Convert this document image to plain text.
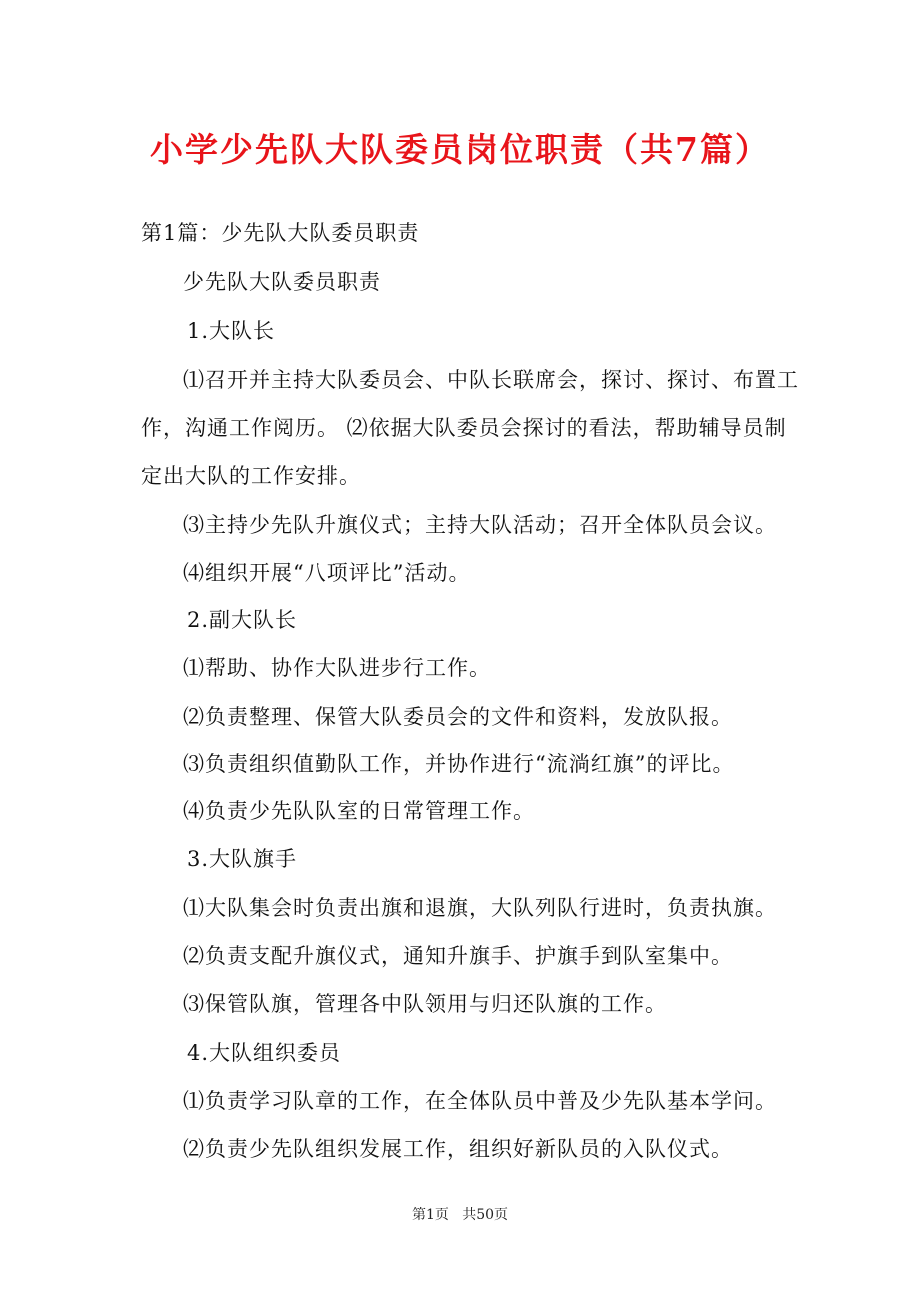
小学少先队大队委员岗位职责（共7篇）

第1篇：少先队大队委员职责

少先队大队委员职责

1.大队长

⑴召开并主持大队委员会、中队长联席会，探讨、探讨、布置工

作，沟通工作阅历。 ⑵依据大队委员会探讨的看法，帮助辅导员制

定出大队的工作安排。

⑶主持少先队升旗仪式；主持大队活动；召开全体队员会议。

⑷组织开展“八项评比”活动。

2.副大队长

⑴帮助、协作大队进步行工作。

⑵负责整理、保管大队委员会的文件和资料，发放队报。

⑶负责组织值勤队工作，并协作进行“流淌红旗”的评比。

⑷负责少先队队室的日常管理工作。

3.大队旗手

⑴大队集会时负责出旗和退旗，大队列队行进时，负责执旗。

⑵负责支配升旗仪式，通知升旗手、护旗手到队室集中。

⑶保管队旗，管理各中队领用与归还队旗的工作。

4.大队组织委员

⑴负责学习队章的工作，在全体队员中普及少先队基本学问。

⑵负责少先队组织发展工作，组织好新队员的入队仪式。

第1页   共50页
